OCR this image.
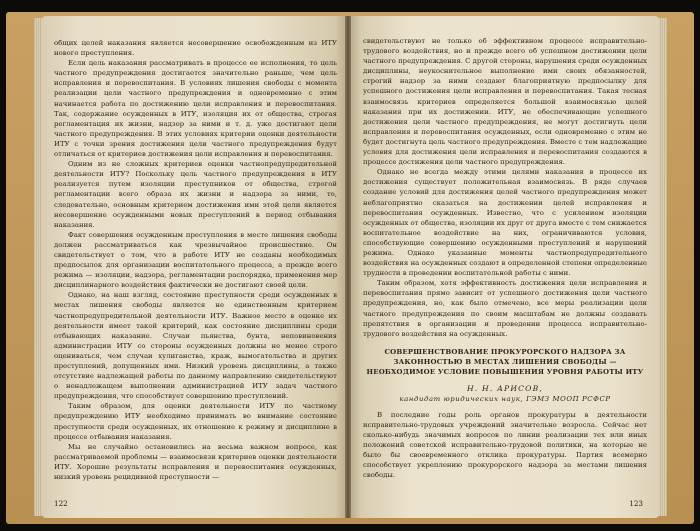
общих целей наказания является несовершение освобожденным из ИТУ нового преступления.

Если цель наказания рассматривать в процессе ее исполнения, то цель частного предупреждения достигается значительно раньше, чем цель исправления и перевоспитания. В условиях лишения свободы с момента реализации цели частного предупреждения и одновременно с этим начинается работа по достижению цели исправления и перевоспитания. Так, содержание осужденных в ИТУ, изоляция их от общества, строгая регламентация их жизни, надзор за ними и т. д. уже достигают цели частного предупреждения. В этих условиях критерии оценки деятельности ИТУ с точки зрения достижения цели частного предупреждения будут отличаться от критериев достижения цели исправления и перевоспитания.

Одним из не сложных критериев оценки частнопредупредительной деятельности ИТУ? Поскольку цель частного предупреждения в ИТУ реализуется путем изоляции преступников от общества, строгой регламентации всего образа их жизни и надзора за ними, то, следовательно, основным критерием достижения ими этой цели является несовершение осужденными новых преступлений в период отбывания наказания.

Факт совершения осужденным преступления в месте лишения свободы должен рассматриваться как чрезвычайное происшествие. Он свидетельствует о том, что в работе ИТУ не созданы необходимых предпосылок для организации воспитательного процесса, а прежде всего режима — изоляции, надзора, регламентации распорядка, применения мер дисциплинарного воздействия фактически не достигают своей цели.

Однако, на наш взгляд, состояние преступности среди осужденных в местах лишения свободы является не единственным критерием частнопредупредительной деятельности ИТУ. Важное место в оценке их деятельности имеет такой критерий, как состояние дисциплины среди отбывающих наказание. Случаи пьянства, бунта, неповиновения администрации ИТУ со стороны осужденных должны не менее строго оцениваться, чем случаи хулиганства, краж, вымогательства и других преступлений, допущенных ими. Низкий уровень дисциплины, а также отсутствие надлежащей работы по данному направлению свидетельствуют о ненадлежащем выполнении администрацией ИТУ задач частного предупреждения, что способствует совершению преступлений.

Таким образом, для оценки деятельности ИТУ по частному предупреждению ИТУ необходимо принимать во внимание состояние преступности среди осужденных, их отношение к режиму и дисциплине в процессе отбывания наказания.

Мы не случайно остановились на весьма важном вопросе, как рассматриваемой проблемы — взаимосвязи критериев оценки деятельности ИТУ. Хорошие результаты исправления и перевоспитания осужденных, низкий уровень рецидивной преступности —

122

свидетельствуют не только об эффективном процессе исправительно-трудового воздействия, но и прежде всего об успешном достижении цели частного предупреждения. С другой стороны, нарушения среди осужденных дисциплины, неукоснительное выполнение ими своих обязанностей, строгий надзор за ними создают благоприятную предпосылку для успешного достижения цели исправления и перевоспитания. Такая тесная взаимосвязь критериев определяется большой взаимосвязью целей наказания при их достижении. ИТУ, не обеспечивающие успешного достижения цели частного предупреждения, не могут достигнуть цели исправления и перевоспитания осужденных, если одновременно с этим не будет достигнута цель частного предупреждения. Вместе с тем надлежащие условия для достижения цели исправления и перевоспитания создаются в процессе достижения цели частного предупреждения.

Однако не всегда между этими целями наказания в процессе их достижения существует положительная взаимосвязь. В ряде случаев создание условий для достижения целей частного предупреждения может неблагоприятно сказаться на достижении целей исправления и перевоспитания осужденных. Известно, что с усилением изоляции осужденных от общества, изоляции их друг от друга вместе с тем снижается воспитательное воздействие на них, ограничиваются условия, способствующие совершению осужденными преступлений и нарушений режима. Однако указанные моменты частнопредупредительного воздействия на осужденных создают в определенной степени определенные трудности в проведении воспитательной работы с ними.

Таким образом, хотя эффективность достижения цели исправления и перевоспитания прямо зависит от успешного достижения цели частного предупреждения, но, как было отмечено, все меры реализации цели частного предупреждения по своим масштабам не должны создавать препятствия в организации и проведении процесса исправительно-трудового воздействия на осужденных.

СОВЕРШЕНСТВОВАНИЕ ПРОКУРОРСКОГО НАДЗОРА ЗА ЗАКОННОСТЬЮ В МЕСТАХ ЛИШЕНИЯ СВОБОДЫ — НЕОБХОДИМОЕ УСЛОВИЕ ПОВЫШЕНИЯ УРОВНЯ РАБОТЫ ИТУ
Н. Н. АРИСОВ,
кандидат юридических наук, ГЭМЗ МООП РСФСР

В последние годы роль органов прокуратуры в деятельности исправительно-трудовых учреждений значительно возросла. Сейчас нет сколько-нибудь значимых вопросов по линии реализации тех или иных положений советской исправительно-трудовой политики, на которые не было бы своевременного отклика прокуратуры. Партия всемерно способствует укреплению прокурорского надзора за местами лишения свободы.

123
